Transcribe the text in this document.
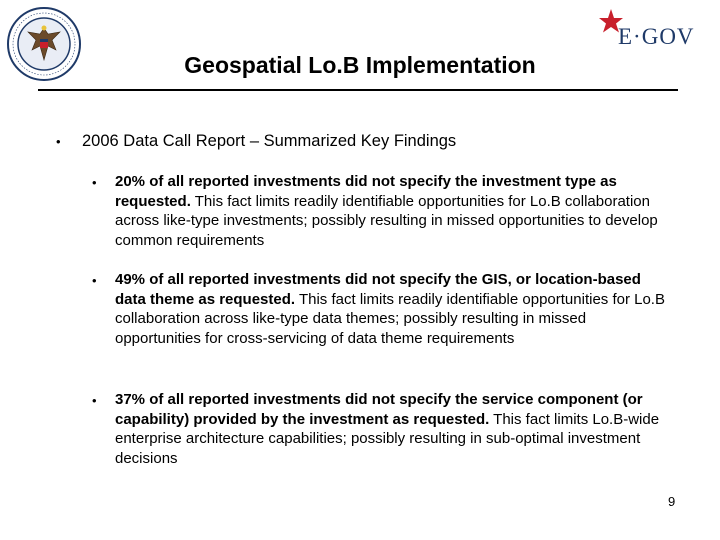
E·GOV
Geospatial Lo.B Implementation
• 2006 Data Call Report – Summarized Key Findings
• 20% of all reported investments did not specify the investment type as requested. This fact limits readily identifiable opportunities for Lo.B collaboration across like-type investments; possibly resulting in missed opportunities to develop common requirements
• 49% of all reported investments did not specify the GIS, or location-based data theme as requested. This fact limits readily identifiable opportunities for Lo.B collaboration across like-type data themes; possibly resulting in missed opportunities for cross-servicing of data theme requirements
• 37% of all reported investments did not specify the service component (or capability) provided by the investment as requested. This fact limits Lo.B-wide enterprise architecture capabilities; possibly resulting in sub-optimal investment decisions
9
